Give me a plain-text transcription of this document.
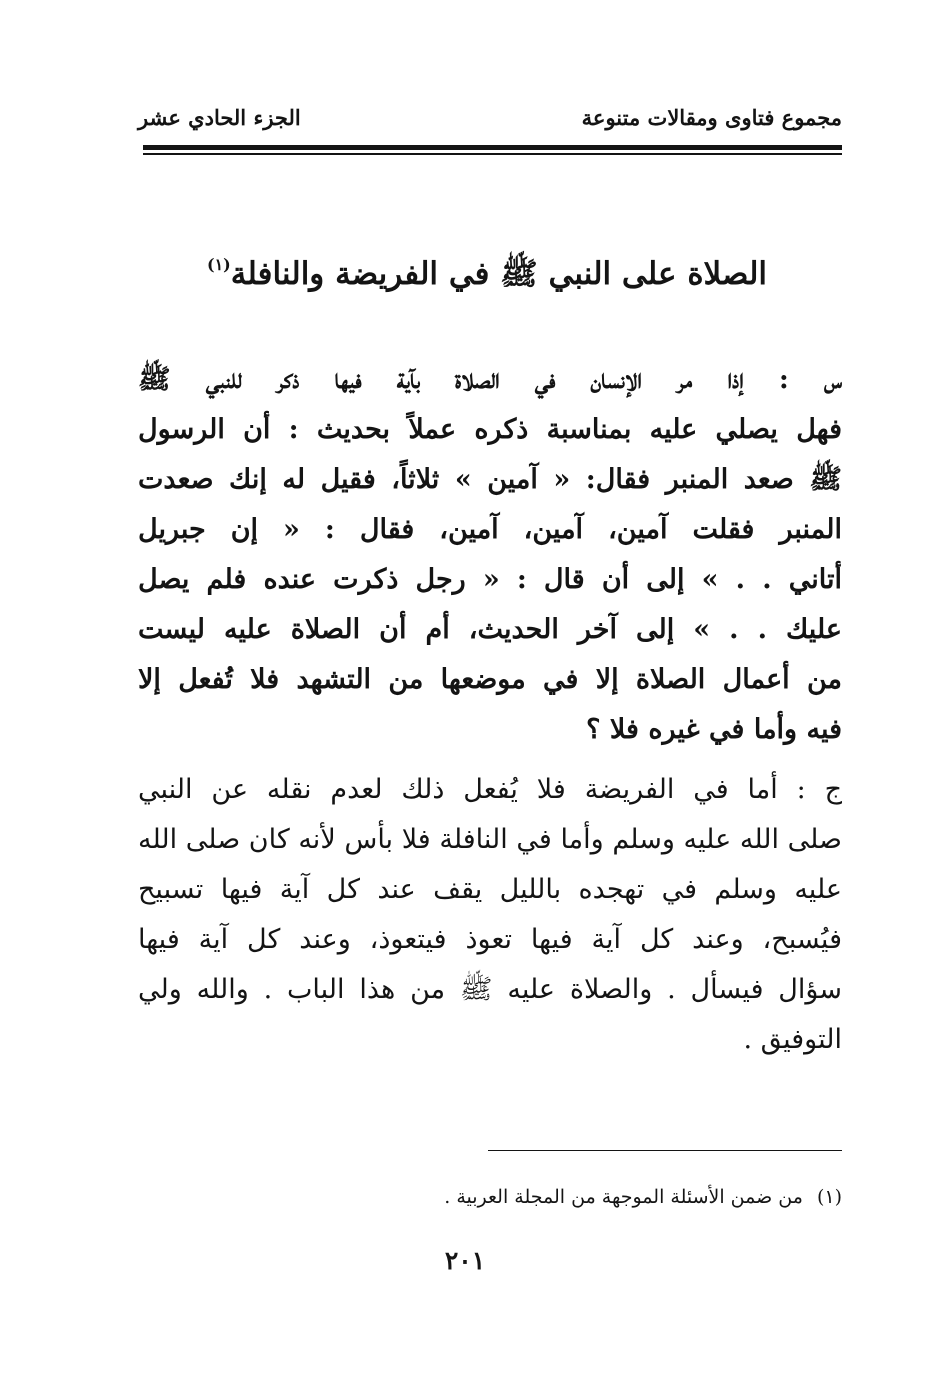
مجموع فتاوى ومقالات متنوعة
الجزء الحادي عشر
الصلاة على النبي ﷺ في الفريضة والنافلة$^{(١)}$
س : إذا مر الإنسان في الصلاة بآية فيها ذكر للنبي ﷺ
فهل يصلي عليه بمناسبة ذكره عملاً بحديث : أن الرسول
ﷺ صعد المنبر فقال: « آمين » ثلاثاً، فقيل له إنك صعدت
المنبر فقلت آمين، آمين، آمين، فقال : « إن جبريل
أتاني . . » إلى أن قال : « رجل ذكرت عنده فلم يصل
عليك . . » إلى آخر الحديث، أم أن الصلاة عليه ليست
من أعمال الصلاة إلا في موضعها من التشهد فلا تُفعل إلا
فيه وأما في غيره فلا ؟
ج : أما في الفريضة فلا يُفعل ذلك لعدم نقله عن النبي
صلى الله عليه وسلم وأما في النافلة فلا بأس لأنه كان صلى الله
عليه وسلم في تهجده بالليل يقف عند كل آية فيها تسبيح
فيُسبح، وعند كل آية فيها تعوذ فيتعوذ، وعند كل آية فيها
سؤال فيسأل . والصلاة عليه ﷺ من هذا الباب . والله ولي
التوفيق .
(١)من ضمن الأسئلة الموجهة من المجلة العربية .
٢٠١
